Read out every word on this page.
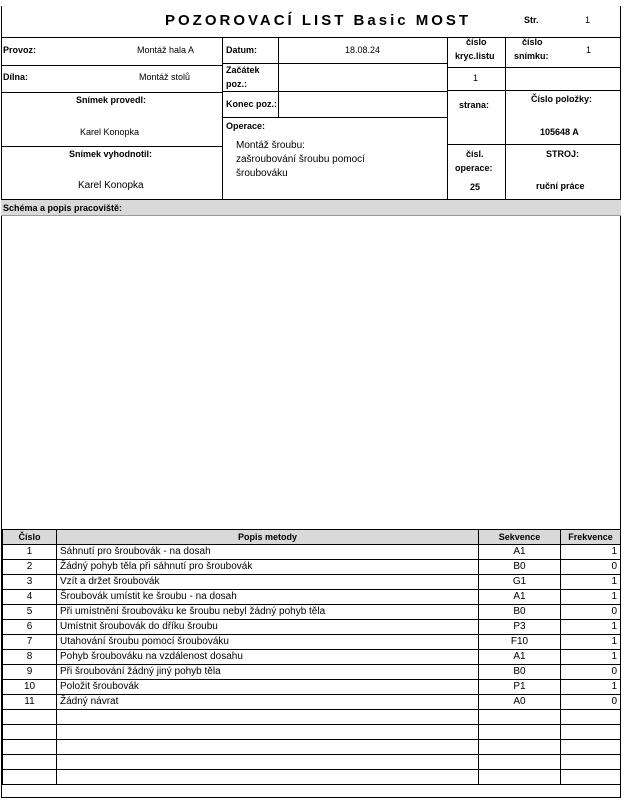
POZOROVACÍ LIST Basic MOST	Str.	1
Provoz:	Montáž hala A
Dílna:	Montáž stolů
Snímek provedl:
Karel Konopka
Snímek vyhodnotil:
Karel Konopka
Datum:	18.08.24
Začátek
poz.:
Konec poz.:
Operace:
Montáž šroubu:
zašroubování šroubu pomocí
šroubováku
číslo
kryc.listu
1
číslo
snímku:
1
strana:
Číslo položky:
105648 A
čísl.
operace:
25
STROJ:
ruční práce
Schéma a popis pracoviště:
Číslo	Popis metody	Sekvence	Frekvence
1	Sáhnutí pro šroubovák - na dosah	A1	1
2	Žádný pohyb těla při sáhnutí pro šroubovák	B0	0
3	Vzít a držet šroubovák	G1	1
4	Šroubovák umístit ke šroubu - na dosah	A1	1
5	Při umístnění šroubováku ke šroubu nebyl žádný pohyb těla	B0	0
6	Umístnit šroubovák do dříku šroubu	P3	1
7	Utahování šroubu pomocí šroubováku	F10	1
8	Pohyb šroubováku na vzdálenost dosahu	A1	1
9	Při šroubování žádný jiný pohyb těla	B0	0
10	Položit šroubovák	P1	1
11	Žádný návrat	A0	0
